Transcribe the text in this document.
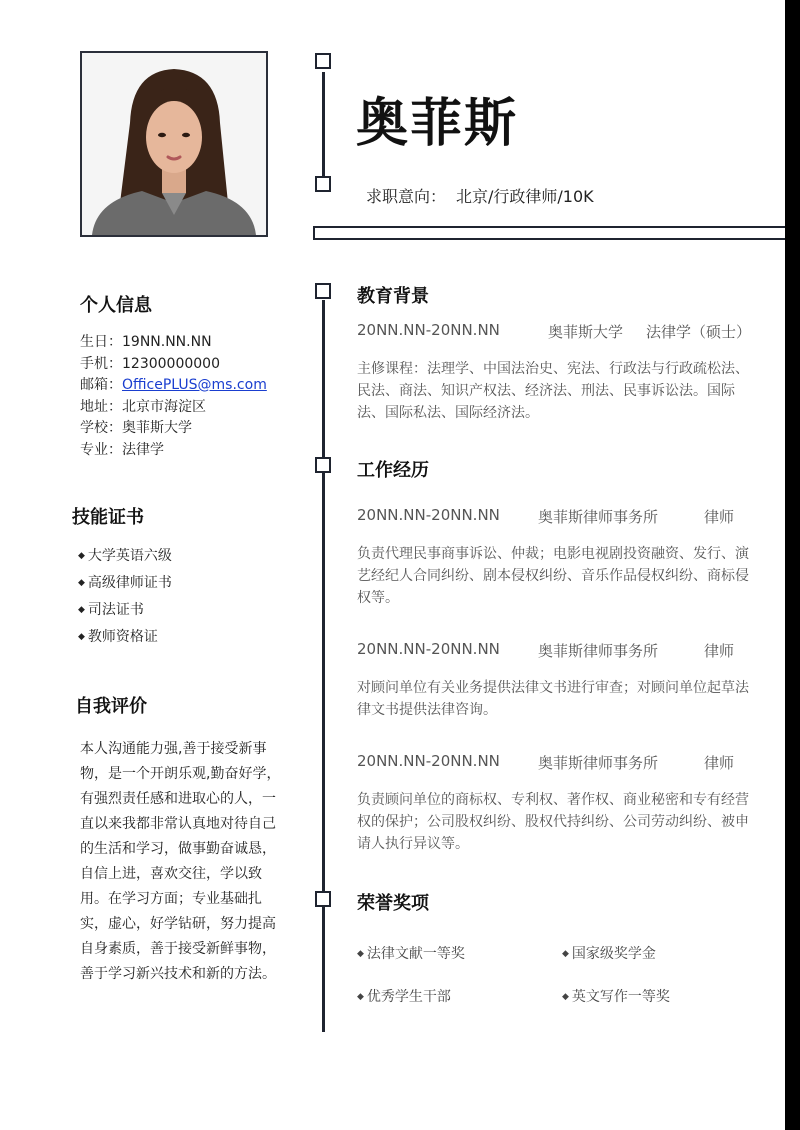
奥菲斯
求职意向： 北京/行政律师/10K
个人信息
生日：19NN.NN.NN
手机：12300000000
邮箱：OfficePLUS@ms.com
地址：北京市海淀区
学校：奥菲斯大学
专业：法律学
技能证书
◆ 大学英语六级
◆ 高级律师证书
◆ 司法证书
◆ 教师资格证
自我评价
本人沟通能力强,善于接受新事物，是一个开朗乐观,勤奋好学，有强烈责任感和进取心的人，一直以来我都非常认真地对待自己的生活和学习，做事勤奋诚恳，自信上进，喜欢交往，学以致用。在学习方面；专业基础扎实，虚心，好学钻研，努力提高自身素质，善于接受新鲜事物，善于学习新兴技术和新的方法。
教育背景
20NN.NN-20NN.NN	奥菲斯大学 法律学（硕士）
主修课程：法理学、中国法治史、宪法、行政法与行政疏松法、民法、商法、知识产权法、经济法、刑法、民事诉讼法。国际法、国际私法、国际经济法。
工作经历
20NN.NN-20NN.NN	奥菲斯律师事务所	律师
负责代理民事商事诉讼、仲裁；电影电视剧投资融资、发行、演艺经纪人合同纠纷、剧本侵权纠纷、音乐作品侵权纠纷、商标侵权等。
20NN.NN-20NN.NN	奥菲斯律师事务所	律师
对顾问单位有关业务提供法律文书进行审查；对顾问单位起草法律文书提供法律咨询。
20NN.NN-20NN.NN	奥菲斯律师事务所	律师
负责顾问单位的商标权、专利权、著作权、商业秘密和专有经营权的保护；公司股权纠纷、股权代持纠纷、公司劳动纠纷、被申请人执行异议等。
荣誉奖项
◆ 法律文献一等奖	◆ 国家级奖学金
◆ 优秀学生干部	◆ 英文写作一等奖
